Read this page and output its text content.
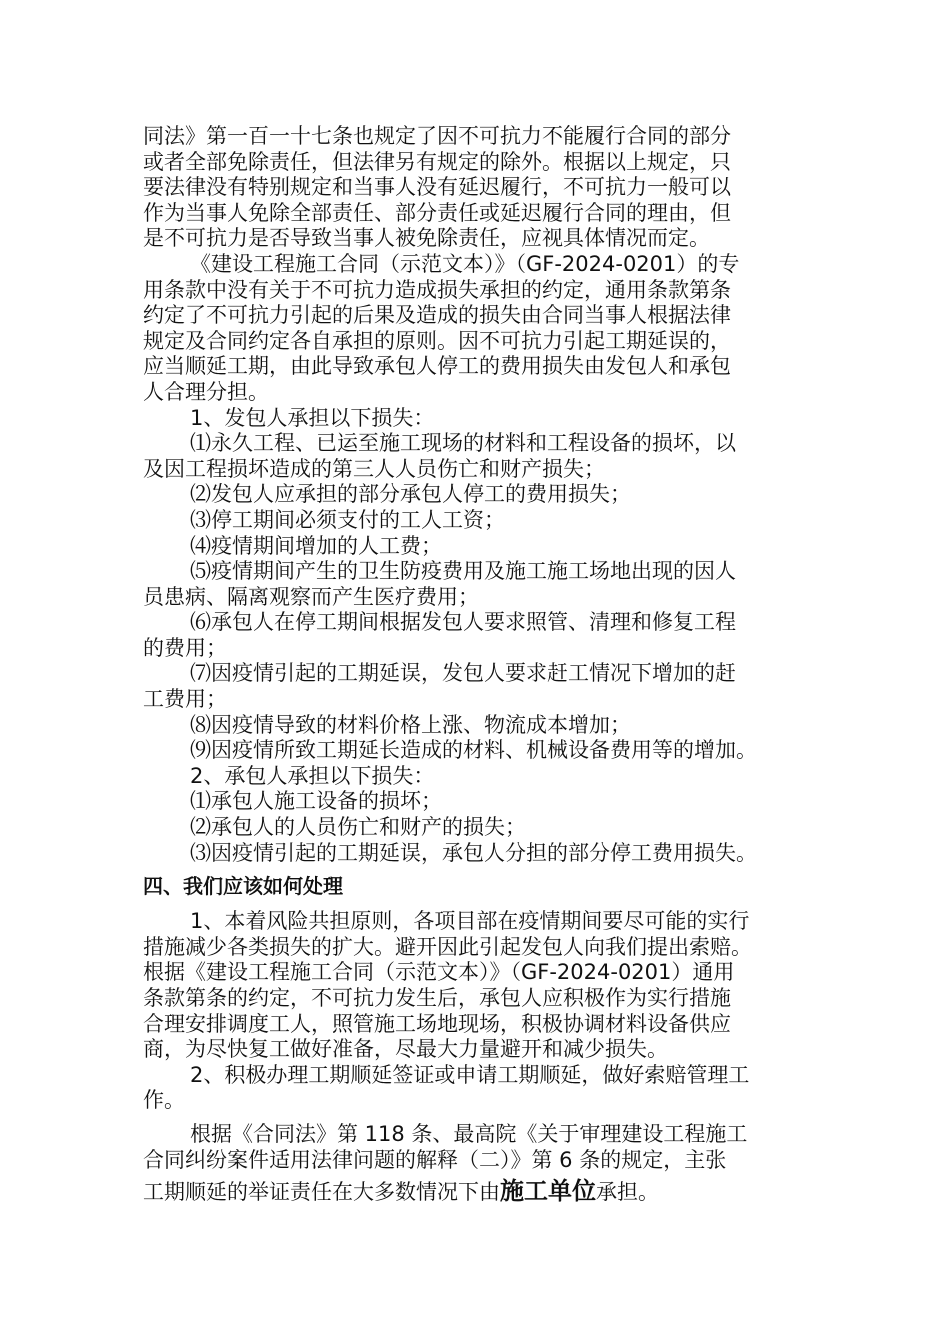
同法》第一百一十七条也规定了因不可抗力不能履行合同的部分
或者全部免除责任，但法律另有规定的除外。根据以上规定，只
要法律没有特别规定和当事人没有延迟履行，不可抗力一般可以
作为当事人免除全部责任、部分责任或延迟履行合同的理由，但
是不可抗力是否导致当事人被免除责任，应视具体情况而定。
《建设工程施工合同（示范文本）》（GF-2024-0201）的专
用条款中没有关于不可抗力造成损失承担的约定，通用条款第条
约定了不可抗力引起的后果及造成的损失由合同当事人根据法律
规定及合同约定各自承担的原则。因不可抗力引起工期延误的，
应当顺延工期，由此导致承包人停工的费用损失由发包人和承包
人合理分担。
1、发包人承担以下损失：
⑴永久工程、已运至施工现场的材料和工程设备的损坏，以
及因工程损坏造成的第三人人员伤亡和财产损失；
⑵发包人应承担的部分承包人停工的费用损失；
⑶停工期间必须支付的工人工资；
⑷疫情期间增加的人工费；
⑸疫情期间产生的卫生防疫费用及施工施工场地出现的因人
员患病、隔离观察而产生医疗费用；
⑹承包人在停工期间根据发包人要求照管、清理和修复工程
的费用；
⑺因疫情引起的工期延误，发包人要求赶工情况下增加的赶
工费用；
⑻因疫情导致的材料价格上涨、物流成本增加；
⑼因疫情所致工期延长造成的材料、机械设备费用等的增加。
2、承包人承担以下损失：
⑴承包人施工设备的损坏；
⑵承包人的人员伤亡和财产的损失；
⑶因疫情引起的工期延误，承包人分担的部分停工费用损失。
四、我们应该如何处理
1、本着风险共担原则，各项目部在疫情期间要尽可能的实行
措施减少各类损失的扩大。避开因此引起发包人向我们提出索赔。
根据《建设工程施工合同（示范文本）》（GF-2024-0201）通用
条款第条的约定，不可抗力发生后，承包人应积极作为实行措施
合理安排调度工人，照管施工场地现场，积极协调材料设备供应
商，为尽快复工做好准备，尽最大力量避开和减少损失。
2、积极办理工期顺延签证或申请工期顺延，做好索赔管理工
作。
根据《合同法》第 118 条、最高院《关于审理建设工程施工
合同纠纷案件适用法律问题的解释（二）》第 6 条的规定，主张
工期顺延的举证责任在大多数情况下由施工单位承担。
